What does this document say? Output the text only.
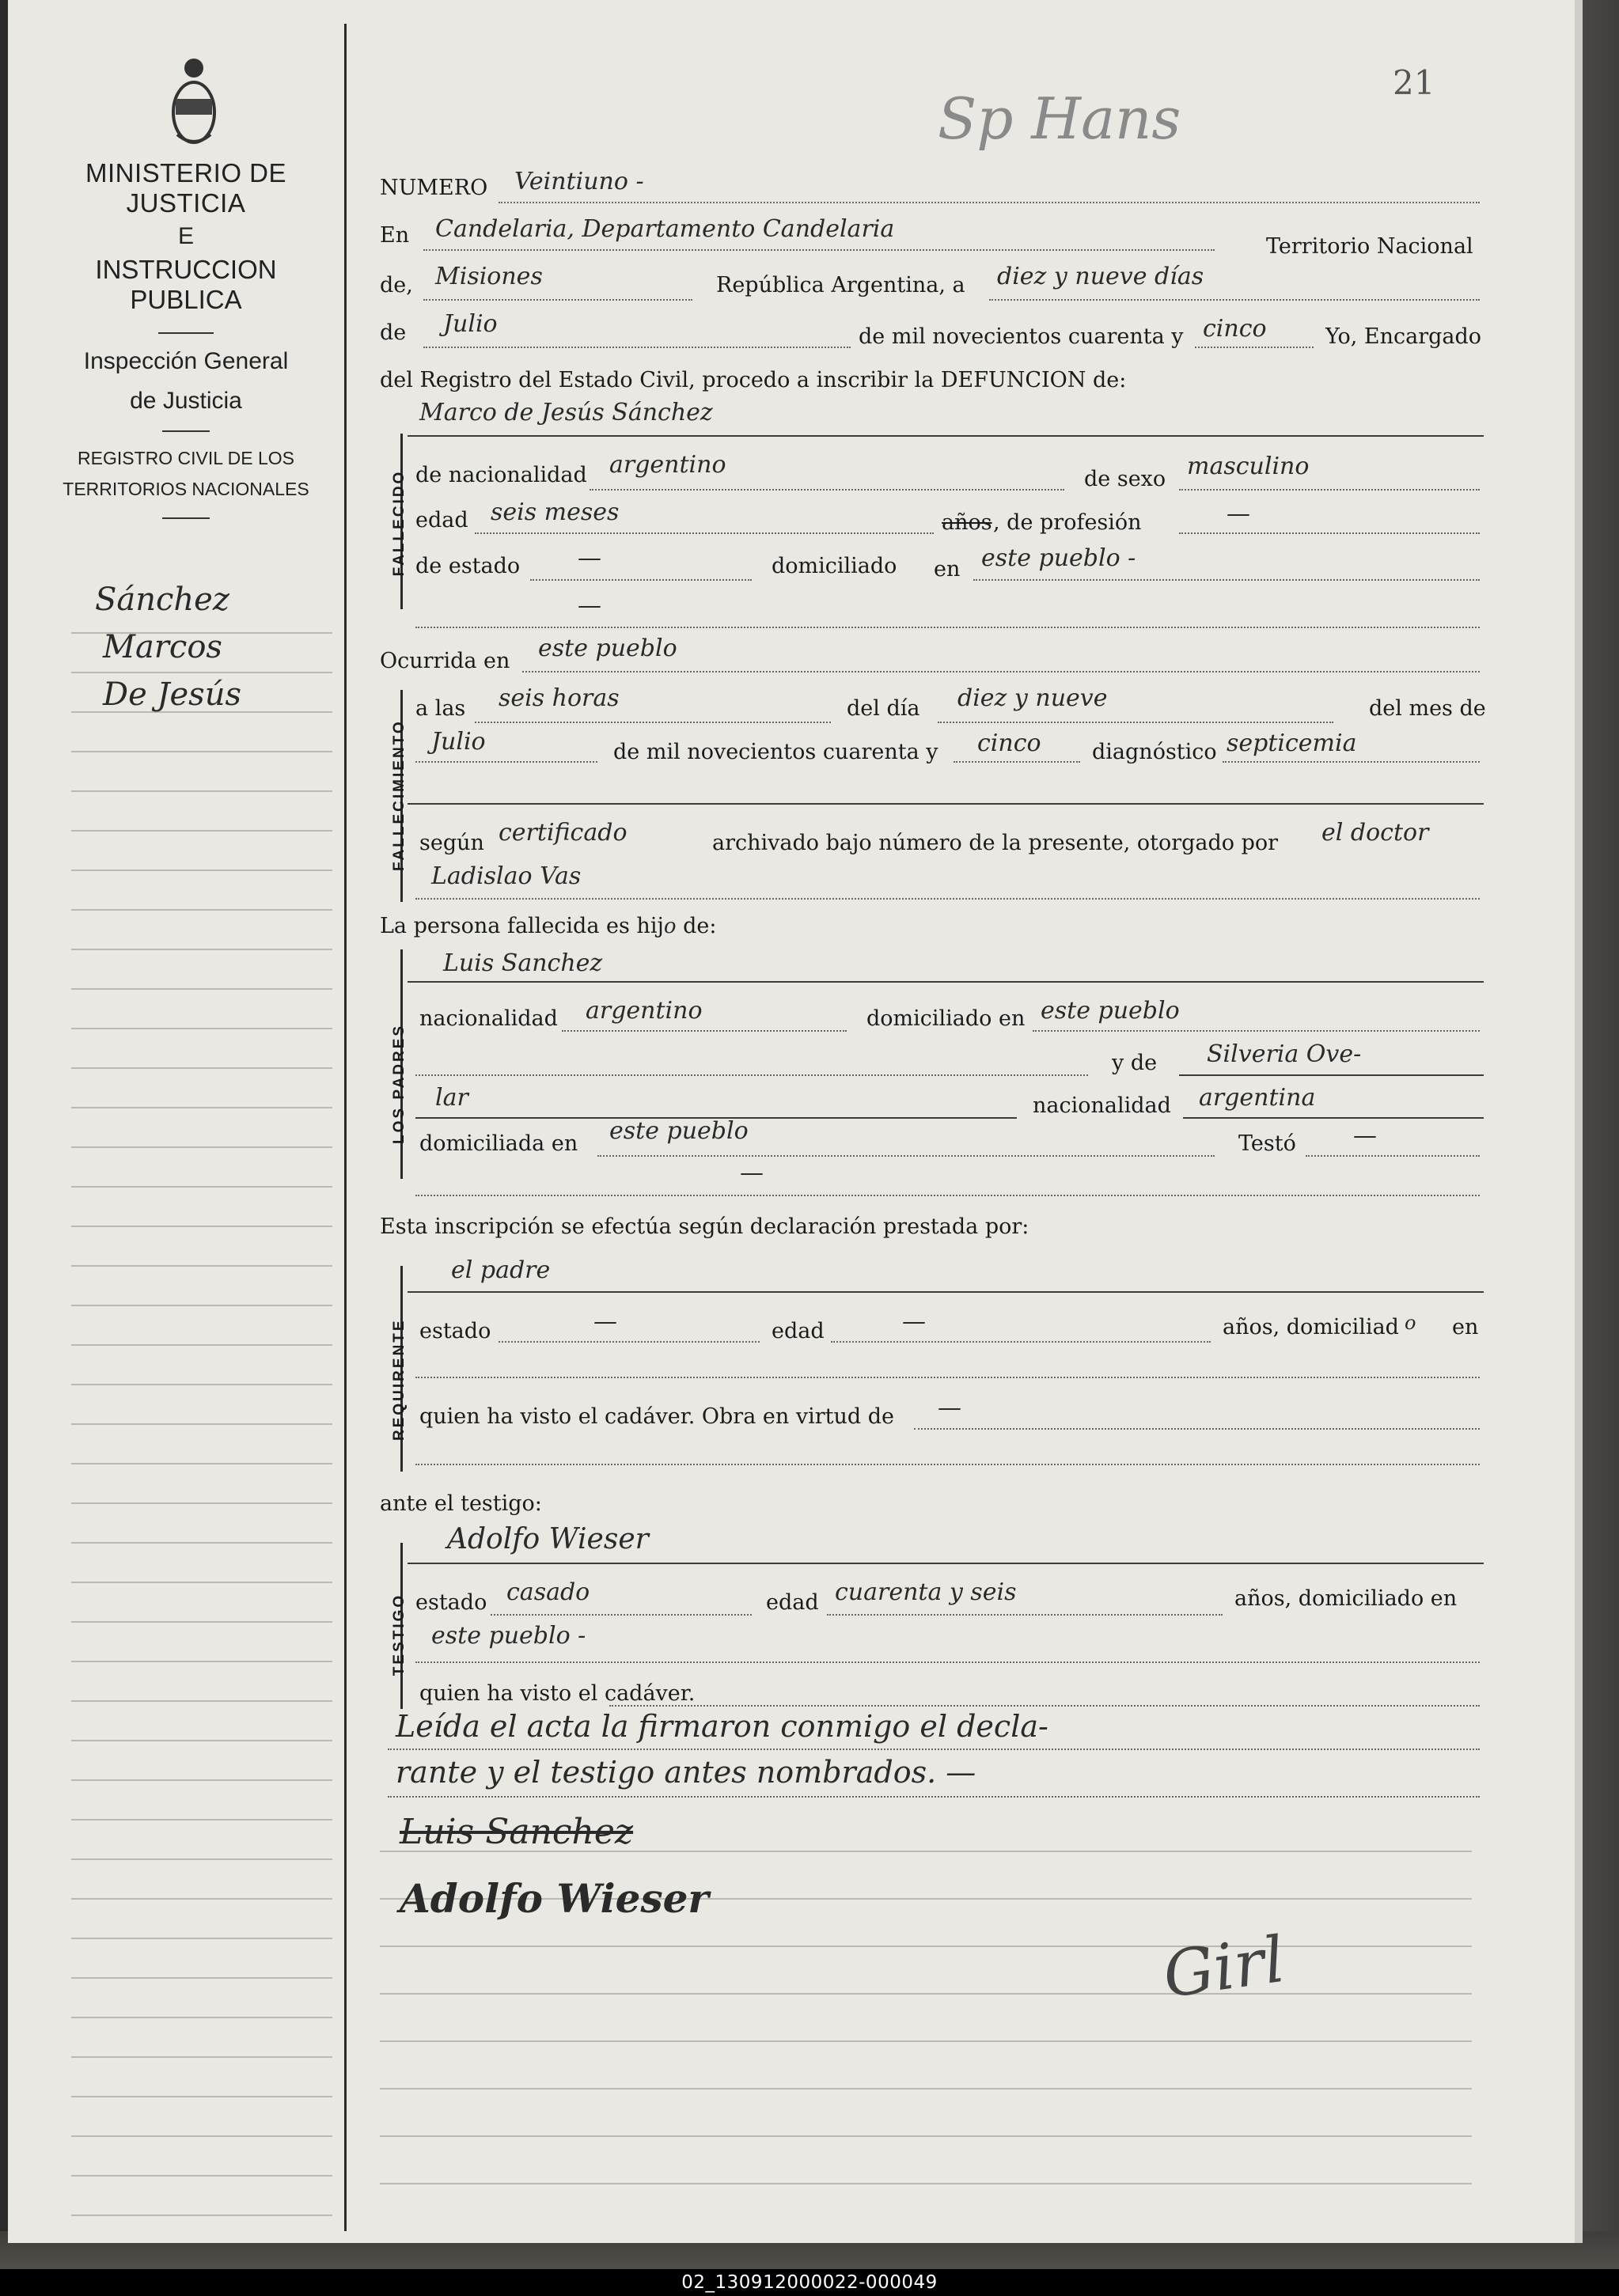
MINISTERIO DE JUSTICIA
E
INSTRUCCION PUBLICA
Inspección General
de Justicia
REGISTRO CIVIL DE LOS
TERRITORIOS NACIONALES
Sánchez
Marcos
De Jesús
21
Sp Hans
NUMERO Veintiuno -
En Candelaria, Departamento Candelaria
Territorio Nacional
de, Misiones	República Argentina, a diez y nueve días
de Julio	de mil novecientos cuarenta y cinco	Yo, Encargado
del Registro del Estado Civil, procedo a inscribir la DEFUNCION de:
FALLECIDO
Marco de Jesús Sánchez
de nacionalidad argentino
de sexo masculino
edad seis meses	años , de profesión	—
de estado —	domiciliado en este pueblo -
—
Ocurrida en este pueblo
FALLECIMIENTO
a las seis horas	del día diez y nueve	del mes de
Julio	de mil novecientos cuarenta y cinco diagnóstico septicemia
según certificado	archivado bajo número de la presente, otorgado por el doctor
Ladislao Vas
La persona fallecida es hijo de:
LOS PADRES
Luis Sanchez
nacionalidad argentino	domiciliado en este pueblo
y de Silveria Ove-
lar	nacionalidad argentina
domiciliada en este pueblo	Testó —
—
Esta inscripción se efectúa según declaración prestada por:
REQUIRENTE
el padre
estado	—	edad	—	años, domiciliad o en
quien ha visto el cadáver. Obra en virtud de —
ante el testigo:
TESTIGO
Adolfo Wieser
estado casado	edad cuarenta y seis	años, domiciliado en
este pueblo -
quien ha visto el cadáver.
Leída el acta la firmaron conmigo el decla-
rante y el testigo antes nombrados. —
Luis Sanchez
Adolfo Wieser
Girl
02_130912000022-000049
